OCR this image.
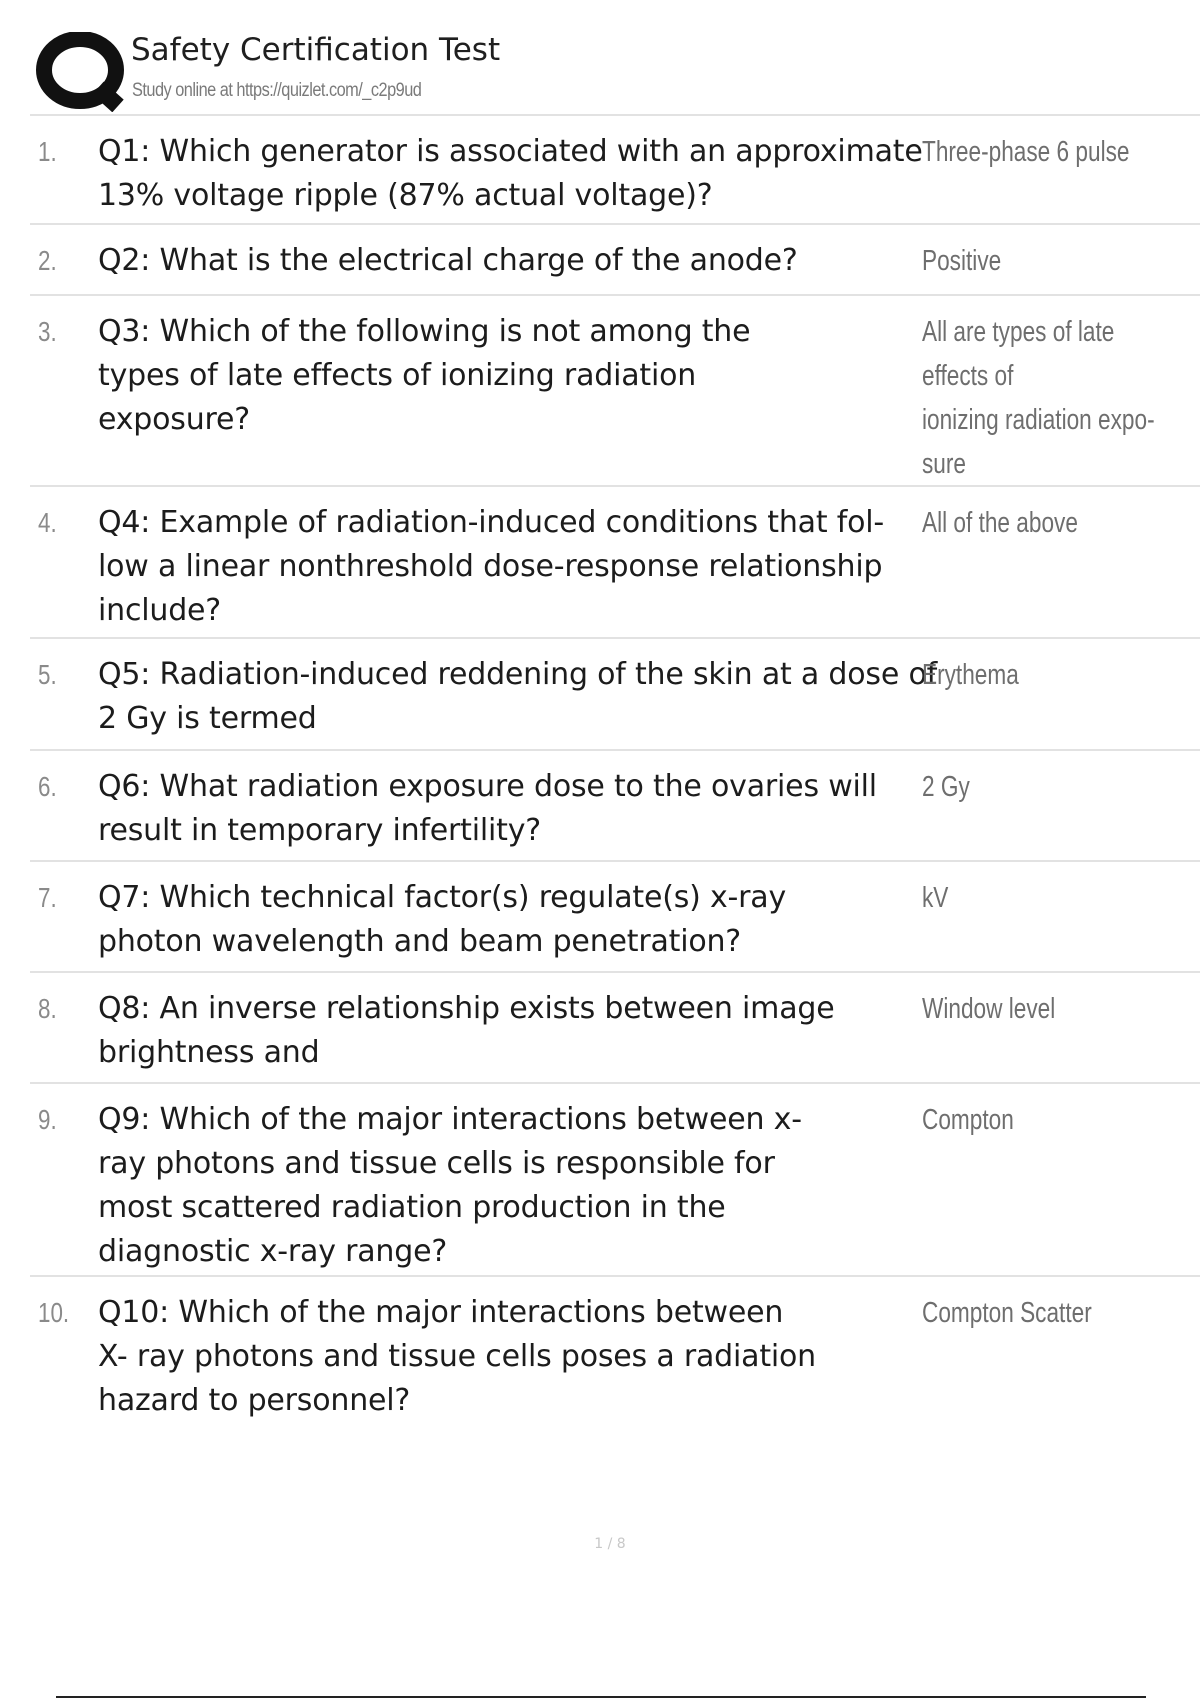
Safety Certification Test
Study online at https://quizlet.com/_c2p9ud
1. Q1: Which generator is associated with an approximate 13% voltage ripple (87% actual voltage)?
Three-phase 6 pulse
2. Q2: What is the electrical charge of the anode?	Positive
3. Q3: Which of the following is not among the types of late effects of ionizing radiation exposure?
All are types of late effects of
ionizing radiation expo-
sure
4. Q4: Example of radiation-induced conditions that fol- low a linear nonthreshold dose-response relationship include?
All of the above
5. Q5: Radiation-induced reddening of the skin at a dose of 2 Gy is termed
Erythema
6. Q6: What radiation exposure dose to the ovaries will result in temporary infertility?
2 Gy
7. Q7: Which technical factor(s) regulate(s) x-ray photon wavelength and beam penetration?
kV
8. Q8: An inverse relationship exists between image brightness and
Window level
9. Q9: Which of the major interactions between x- ray photons and tissue cells is responsible for most scattered radiation production in the diagnostic x-ray range?
Compton
10. Q10: Which of the major interactions between X- ray photons and tissue cells poses a radiation hazard to personnel?
Compton Scatter
1 / 8
